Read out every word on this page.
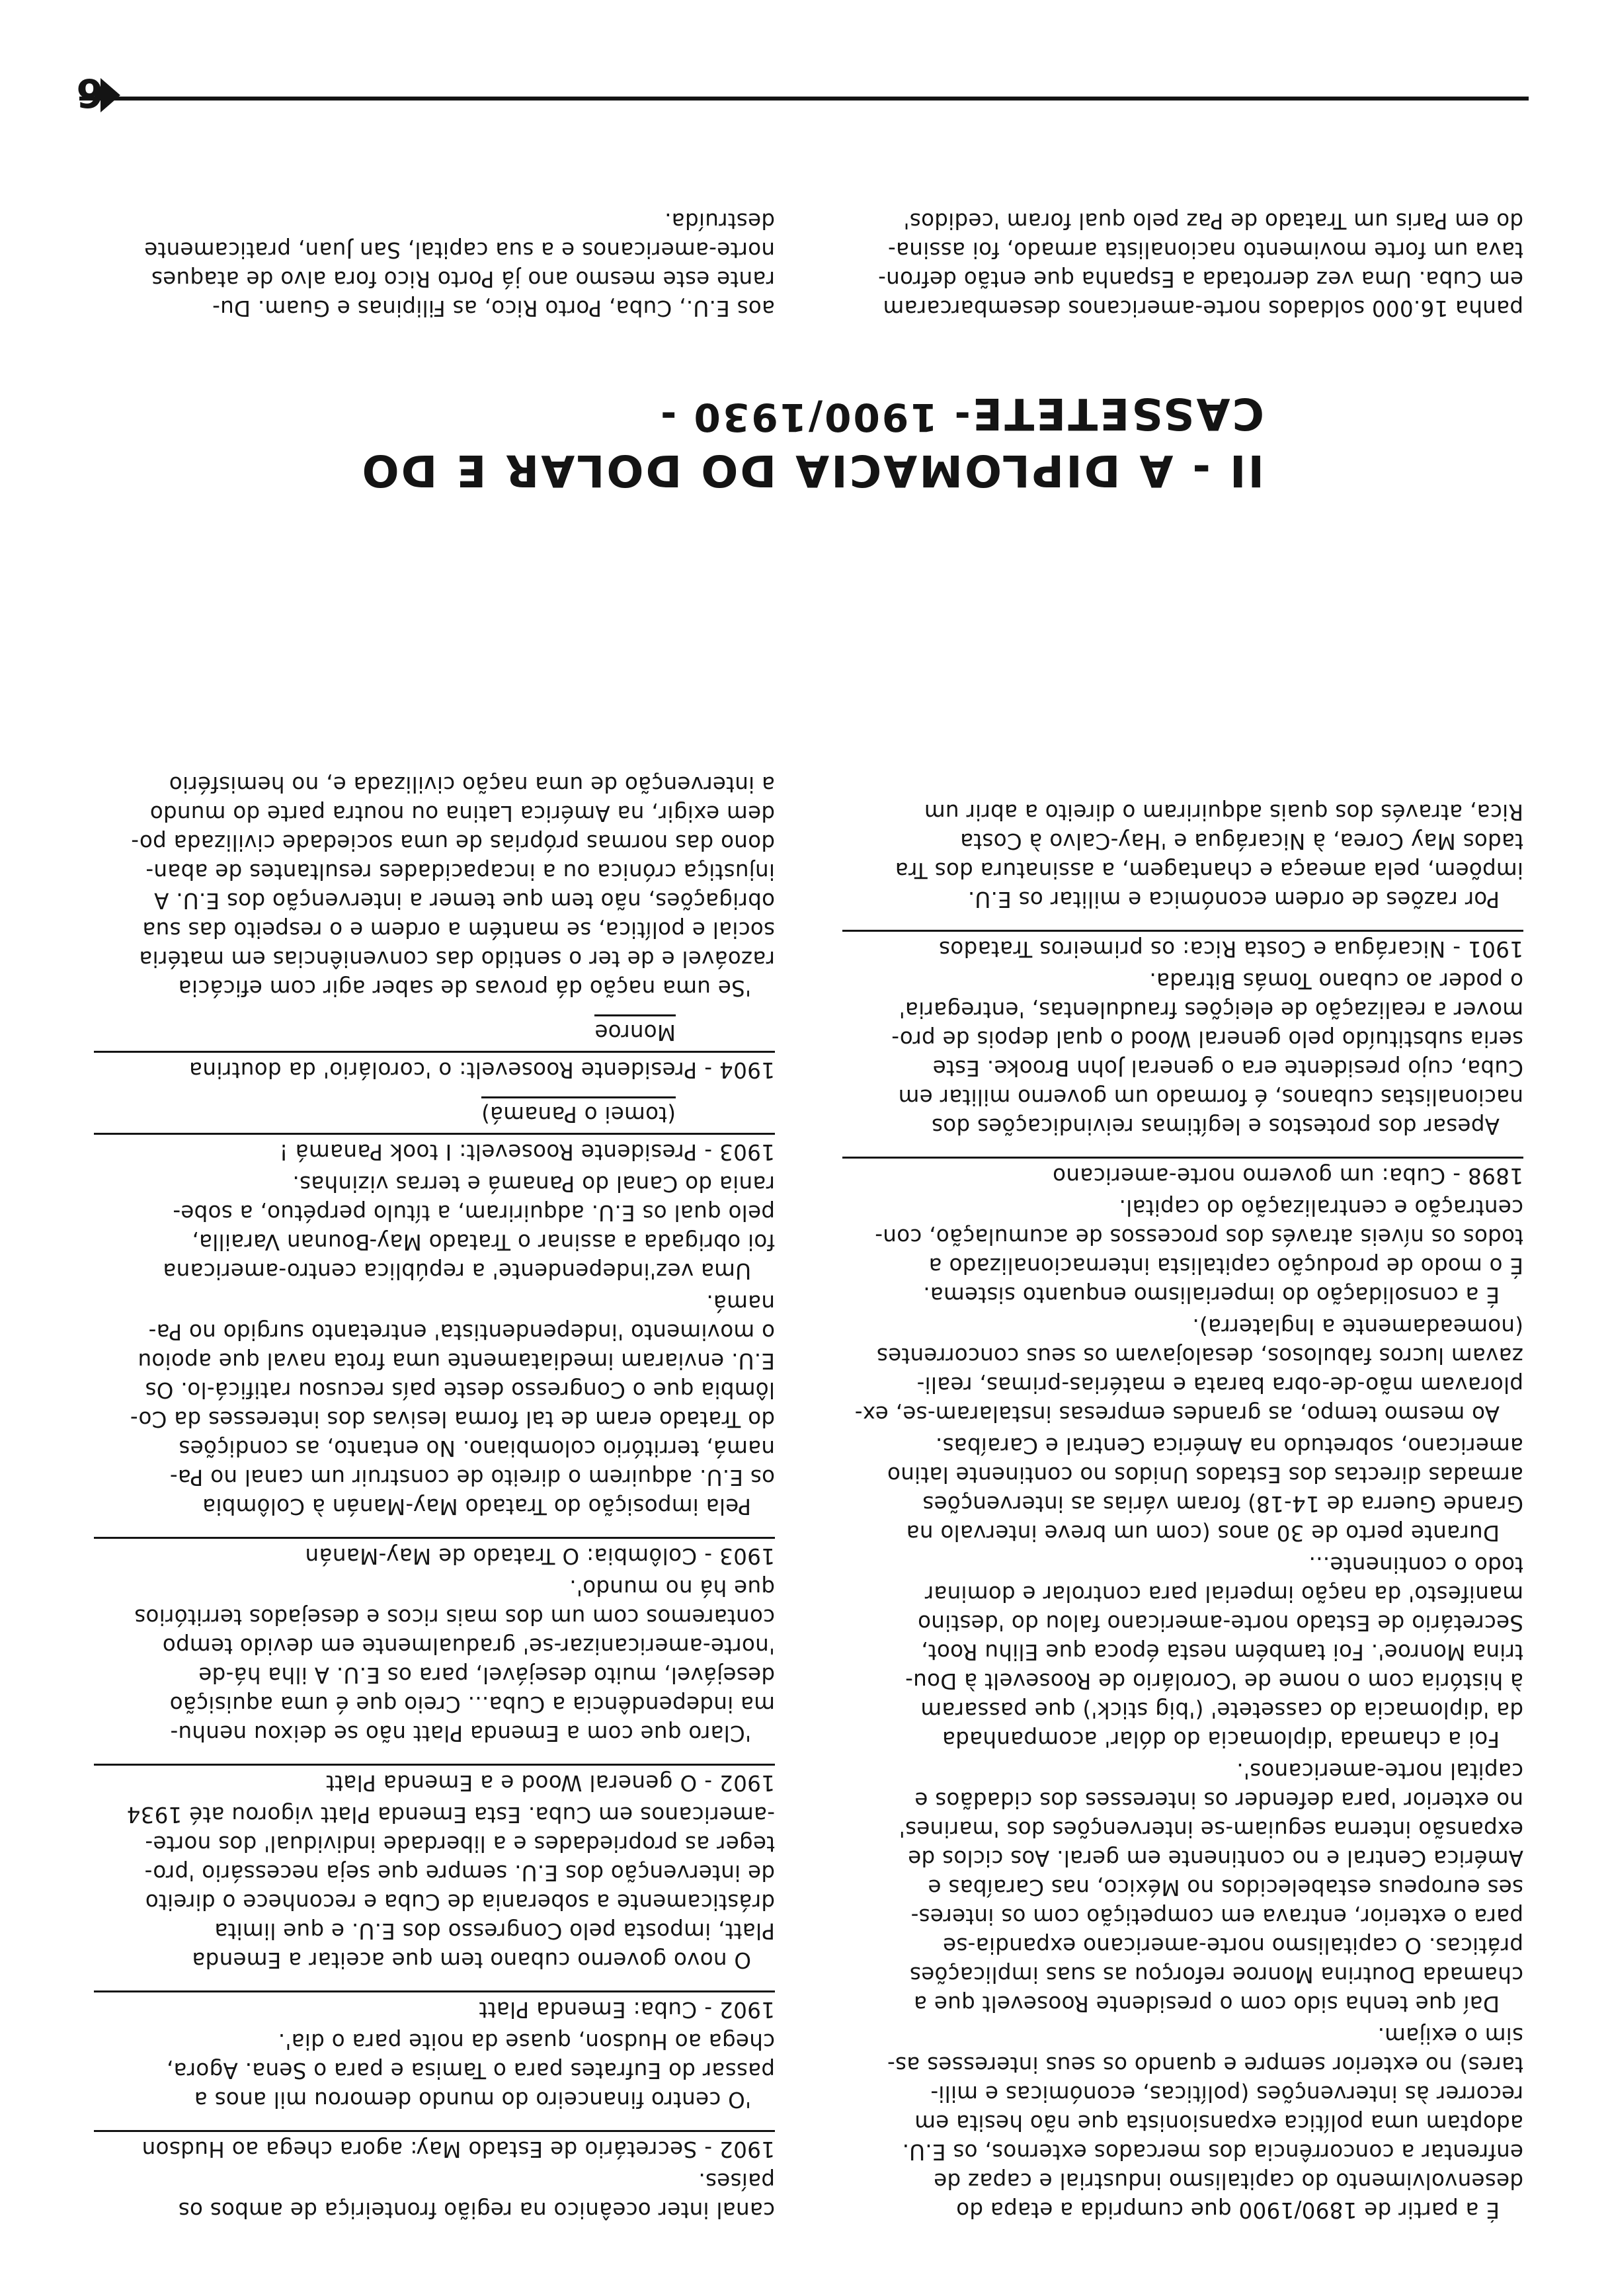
panha 16.000 soldados norte-americanos desembarcaram
em Cuba. Uma vez derrotada a Espanha que então defron-
tava um forte movimento nacionalista armado, foi assina-
do em Paris um Tratado de Paz pelo qual foram 'cedidos'
aos E.U., Cuba, Porto Rico, as Filipinas e Guam. Du-
rante este mesmo ano já Porto Rico fora alvo de ataques
norte-americanos e a sua capital, San Juan, praticamente
destruída.
II - A DIPLOMACIA DO DOLAR E DO CASSETETE
- 1900/1930 -
É a partir de 1890/1900 que cumprida a etapa do
desenvolvimento do capitalismo industrial e capaz de
enfrentar a concorrência dos mercados externos, os E.U.
adoptam uma política expansionista que não hesita em
recorrer às intervenções (políticas, económicas e mili-
tares) no exterior sempre e quando os seus interesses as-
sim o exijam.
Daí que tenha sido com o presidente Roosevelt que a
chamada Doutrina Monroe reforçou as suas implicações
práticas. O capitalismo norte-americano expandia-se
para o exterior, entrava em competição com os interes-
ses europeus estabelecidos no México, nas Caraíbas e
América Central e no continente em geral. Aos ciclos de
expansão interna seguiam-se intervenções dos 'marines'
no exterior 'para defender os interesses dos cidadãos e
capital norte-americanos'.
Foi a chamada 'diplomacia do dólar' acompanhada
da 'diplomacia do cassetete' ('big stick') que passaram
à história com o nome de 'Corolário de Roosevelt à Dou-
trina Monroe'. Foi também nesta época que Elihu Root,
Secretário de Estado norte-americano falou do 'destino
manifesto' da nação imperial para controlar e dominar
todo o continente...
Durante perto de 30 anos (com um breve intervalo na
Grande Guerra de 14-18) foram várias as intervenções
armadas directas dos Estados Unidos no continente latino
americano, sobretudo na América Central e Caraíbas.
Ao mesmo tempo, as grandes empresas instalaram-se, ex-
ploravam mão-de-obra barata e matérias-primas, reali-
zavam lucros fabulosos, desalojavam os seus concorrentes
(nomeadamente a Inglaterra).
É a consolidação do imperialismo enquanto sistema.
É o modo de produção capitalista internacionalizado a
todos os níveis através dos processos de acumulação, con-
centração e centralização do capital.
1898 - Cuba: um governo norte-americano
Apesar dos protestos e legítimas reivindicações dos
nacionalistas cubanos, é formado um governo militar em
Cuba, cujo presidente era o general John Brooke. Este
seria substituído pelo general Wood o qual depois de pro-
mover a realização de eleições fraudulentas, 'entregaria'
o poder ao cubano Tomás Bitrada.
1901 - Nicarágua e Costa Rica: os primeiros Tratados
Por razões de ordem económica e militar os E.U.
impõem, pela ameaça e chantagem, a assinatura dos Tra
tados May Corea, à Nicarágua e 'Hay-Calvo à Costa
Rica, através dos quais adquiriram o direito a abrir um
canal inter oceânico na região fronteiriça de ambos os
países.
1902 - Secretário de Estado May: agora chega ao Hudson
'O centro financeiro do mundo demorou mil anos a
passar do Eufrates para o Tamisa e para o Sena. Agora,
chega ao Hudson, quase da noite para o dia'.
1902 - Cuba: Emenda Platt
O novo governo cubano tem que aceitar a Emenda
Platt, imposta pelo Congresso dos E.U. e que limita
drásticamente a soberania de Cuba e reconhece o direito
de intervenção dos E.U. sempre que seja necessário 'pro-
teger as propriedades e a liberdade individual' dos norte-
-americanos em Cuba. Esta Emenda Platt vigorou até 1934
1902 - O general Wood e a Emenda Platt
'Claro que com a Emenda Platt não se deixou nenhu-
ma independência a Cuba... Creio que é uma aquisição
desejável, muito desejável, para os E.U. A ilha há-de
'norte-americanizar-se' gradualmente em devido tempo
contaremos com um dos mais ricos e desejados territórios
que há no mundo'.
1903 - Colômbia: O Tratado de May-Manán
Pela imposição do Tratado May-Manán à Colômbia
os E.U. adquirem o direito de construir um canal no Pa-
namá, território colombiano. No entanto, as condições
do Tratado eram de tal forma lesivas dos interesses da Co-
lômbia que o Congresso deste país recusou ratificá-lo. Os
E.U. enviaram imediatamente uma frota naval que apoiou
o movimento 'independentista' entretanto surgido no Pa-
namá.
Uma vez'independente' a república centro-americana
foi obrigada a assinar o Tratado May-Bounan Varailla,
pelo qual os E.U. adquiriram, a título perpétuo, a sobe-
rania do Canal do Panamá e terras vizinhas.
1903 - Presidente Roosevelt: I took Panamá !
(tomei o Panamá)
1904 - Presidente Roosevelt: o 'corolário' da doutrina
Monroe
'Se uma nação dá provas de saber agir com eficácia
razoável e de ter o sentido das conveniências em matéria
social e política, se mantém a ordem e o respeito das sua
obrigações, não tem que temer a intervenção dos E.U. A
injustiça crónica ou a incapacidades resultantes de aban-
dono das normas próprias de uma sociedade civilizada po-
dem exigir, na América Latina ou noutra parte do mundo
a intervenção de uma nação civilizada e, no hemisfério
6
